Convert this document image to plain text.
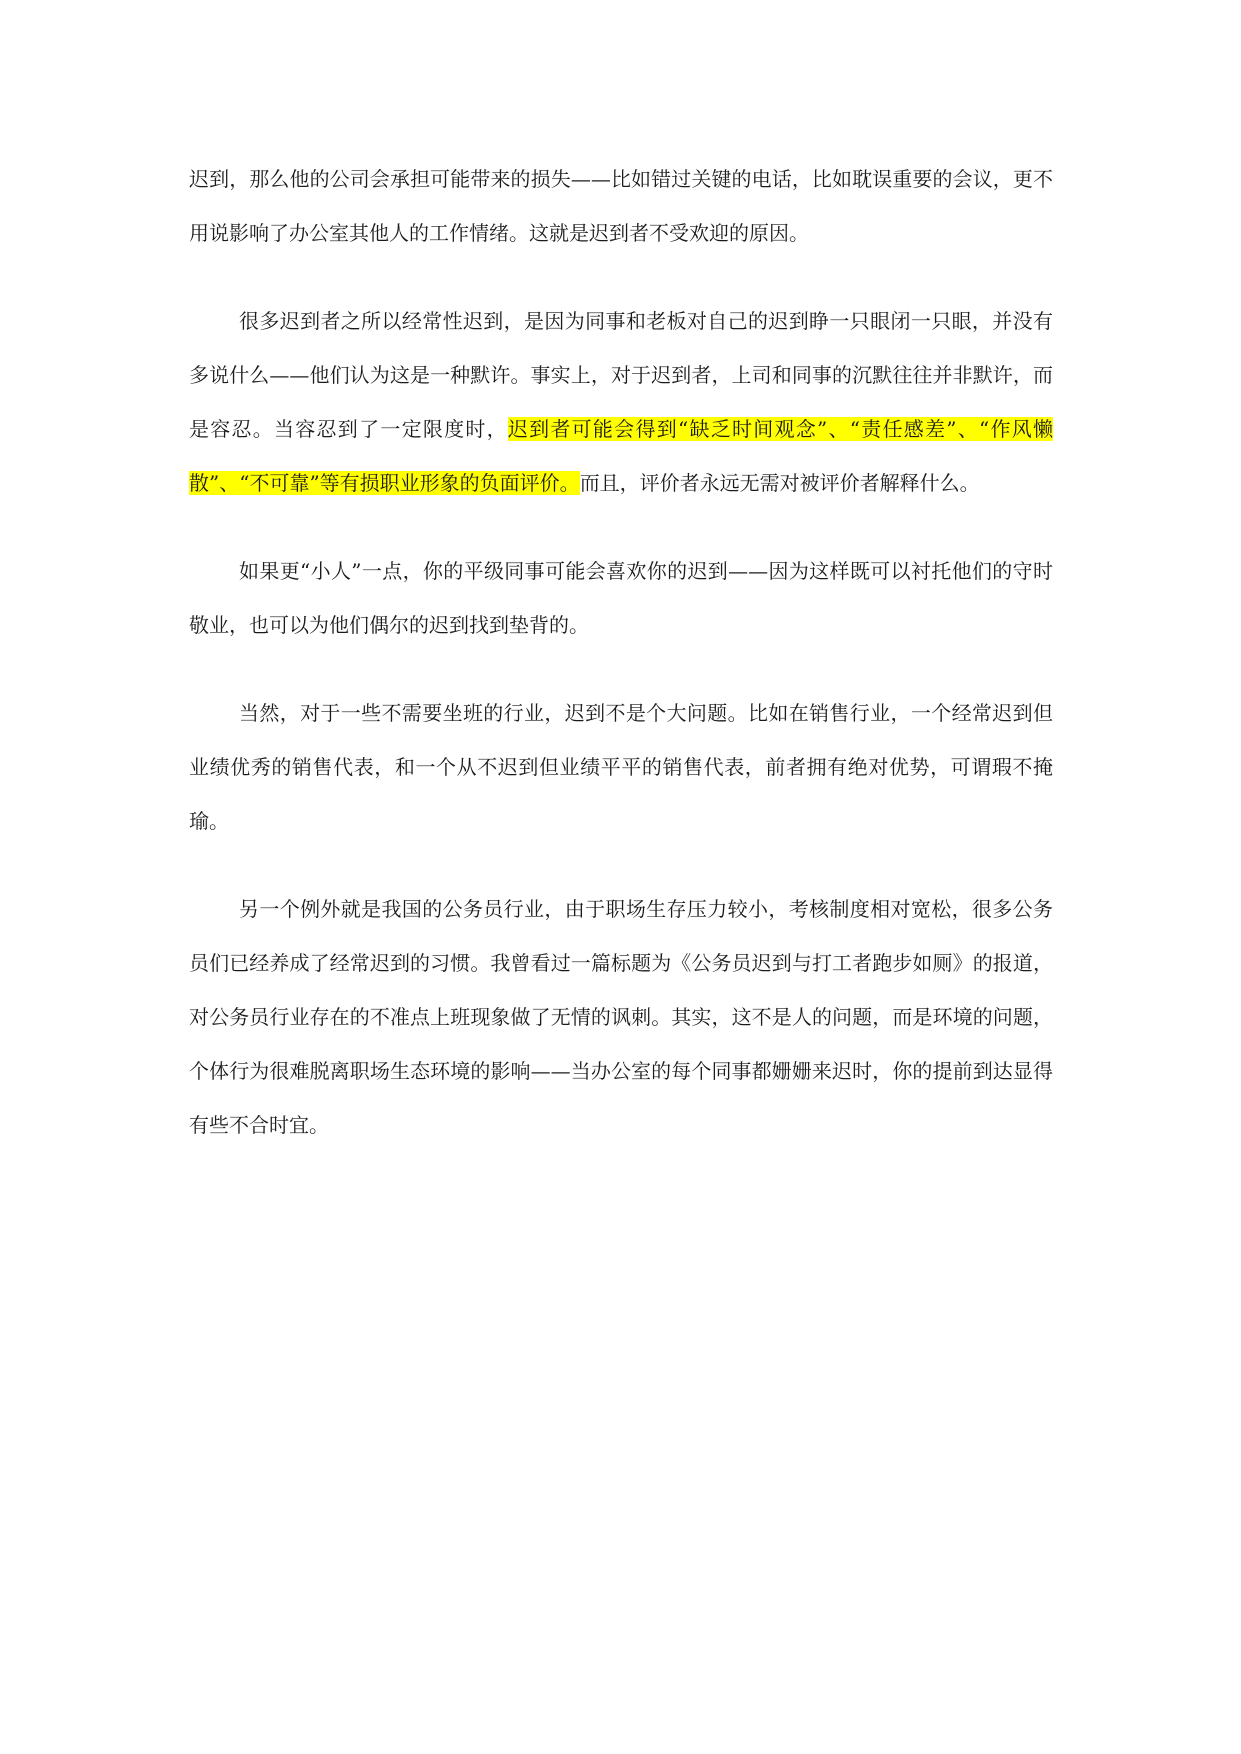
迟到，那么他的公司会承担可能带来的损失——比如错过关键的电话，比如耽误重要的会议，更不用说影响了办公室其他人的工作情绪。这就是迟到者不受欢迎的原因。

很多迟到者之所以经常性迟到，是因为同事和老板对自己的迟到睁一只眼闭一只眼，并没有多说什么——他们认为这是一种默许。事实上，对于迟到者，上司和同事的沉默往往并非默许，而是容忍。当容忍到了一定限度时，迟到者可能会得到“缺乏时间观念”、“责任感差”、“作风懒散”、“不可靠”等有损职业形象的负面评价。而且，评价者永远无需对被评价者解释什么。

如果更“小人”一点，你的平级同事可能会喜欢你的迟到——因为这样既可以衬托他们的守时敬业，也可以为他们偶尔的迟到找到垫背的。

当然，对于一些不需要坐班的行业，迟到不是个大问题。比如在销售行业，一个经常迟到但业绩优秀的销售代表，和一个从不迟到但业绩平平的销售代表，前者拥有绝对优势，可谓瑕不掩瑜。

另一个例外就是我国的公务员行业，由于职场生存压力较小，考核制度相对宽松，很多公务员们已经养成了经常迟到的习惯。我曾看过一篇标题为《公务员迟到与打工者跑步如厕》的报道，对公务员行业存在的不准点上班现象做了无情的讽刺。其实，这不是人的问题，而是环境的问题，个体行为很难脱离职场生态环境的影响——当办公室的每个同事都姗姗来迟时，你的提前到达显得有些不合时宜。
